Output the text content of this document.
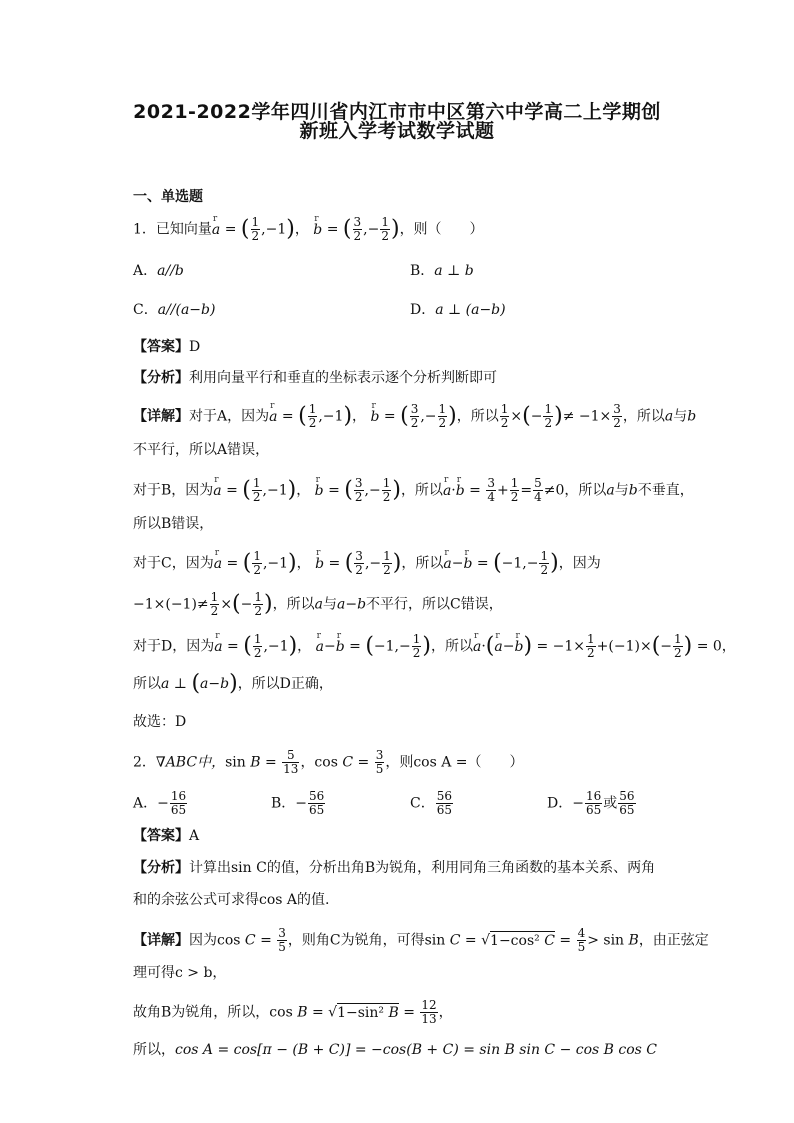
2021-2022学年四川省内江市市中区第六中学高二上学期创
新班入学考试数学试题
一、单选题
1．已知向量r a = ( $\frac{1}{2} ,-1$)， r b = ( $\frac{3}{2}$ ,− $\frac{1}{2}$ )，则（　　）
A．a//b	B．a ⊥ b
C．a//(a−b)	D．a ⊥ (a−b)
【答案】D
【分析】利用向量平行和垂直的坐标表示逐个分析判断即可
【详解】对于A，因为r a = ( $\frac{1}{2} ,-1$)， r b = ( $\frac{3}{2}$ ,− $\frac{1}{2}$ )，所以 $\frac{1}{2}$ ×(− $\frac{1}{2}$ )≠ $-1\times \frac{3}{2}$ ，所以a与b
不平行，所以A错误，
对于B，因为r a = ( $\frac{1}{2} ,-1$)， r b = ( $\frac{3}{2}$ ,− $\frac{1}{2}$ )，所以r a·r $b = \frac{3}{4} + \frac{1}{2} = \frac{5}{4} \ne 0$，所以a与b不垂直，
所以B错误，
对于C，因为r a = ( $\frac{1}{2} ,-1$)， r b = ( $\frac{3}{2}$ ,− $\frac{1}{2}$ )，所以r a−r $b = (-1,- \frac{1}{2}$ )，因为
$-1\times(-1)\ne \frac{1}{2}$ ×(− $\frac{1}{2}$ )，所以a与a−b不平行，所以C错误，
对于D，因为r a = ( $\frac{1}{2} ,-1$)， r a−r $b = (-1,- \frac{1}{2}$ )，所以r a·(r a−r $b) = -1\times \frac{1}{2} +(-1)\times(- \frac{1}{2}$ ) = 0，
所以a ⊥ (a−b)，所以D正确，
故选：D
2．∇ABC中，$\sin B = \frac{5}{13}$ ，$\cos C = \frac{3}{5}$ ，则cos A =（　　）
A．− $\frac{16}{65}$	B．− $\frac{56}{65}$	C． $\frac{56}{65}$	D．− $\frac{16}{65}$ 或 $\frac{56}{65}$
【答案】A
【分析】计算出sin C的值，分析出角B为锐角，利用同角三角函数的基本关系、两角
和的余弦公式可求得cos A的值.
【详解】因为$\cos C = \frac{3}{5}$ ，则角C为锐角，可得sin C = √1−cos² $C = \frac{4}{5} > \sin B$，由正弦定
理可得c > b，
故角B为锐角，所以，cos B = √1−sin² $B = \frac{12}{13}$ ，
所以，cos A = cos[π − (B + C)] = −cos(B + C) = sin B sin C − cos B cos C
